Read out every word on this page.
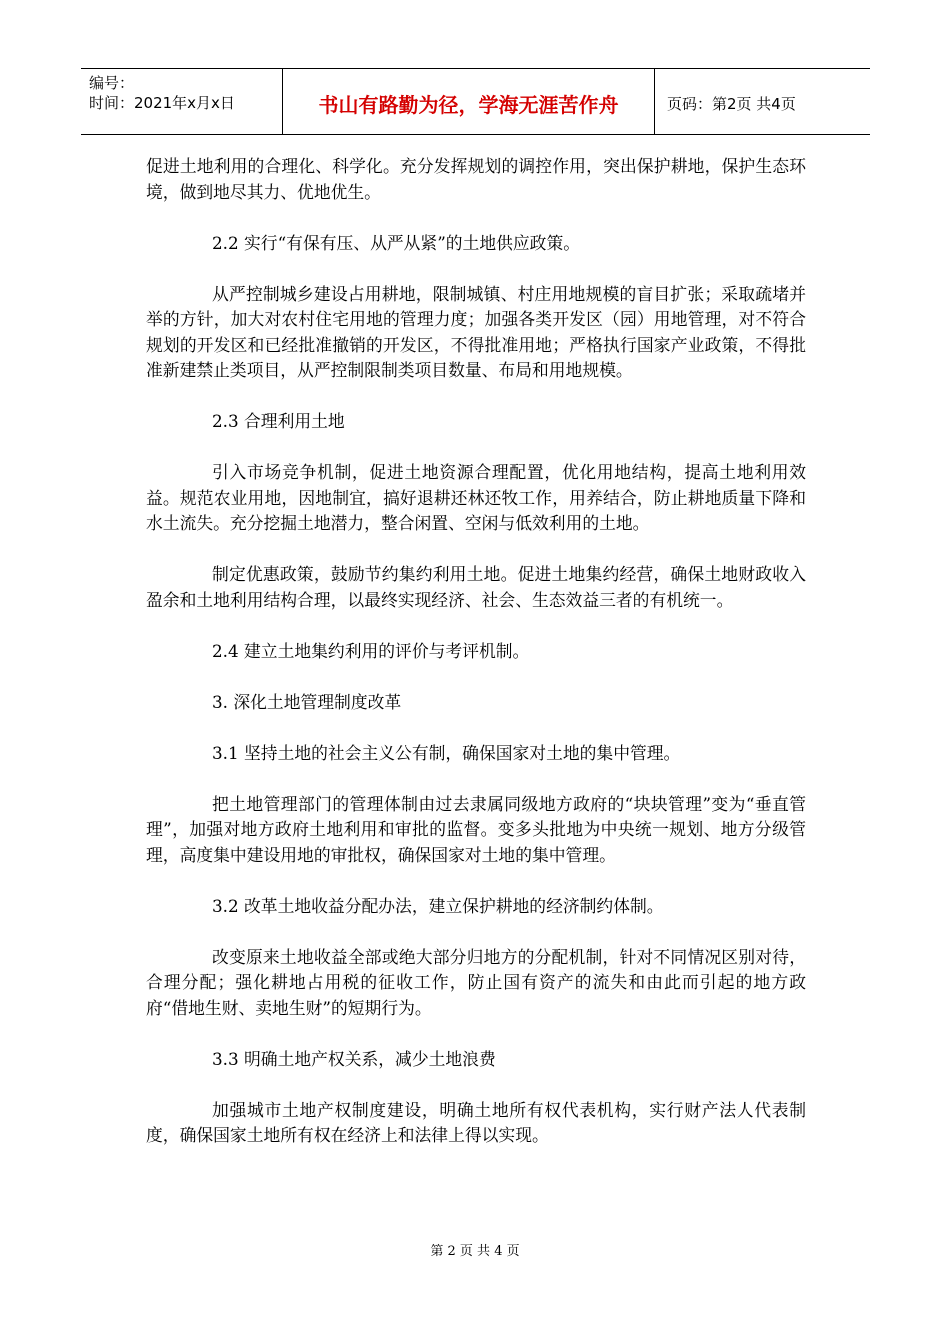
编号：
时间：2021年x月x日	书山有路勤为径，学海无涯苦作舟	页码：第2页 共4页

促进土地利用的合理化、科学化。充分发挥规划的调控作用，突出保护耕地，保护生态环境，做到地尽其力、优地优生。

2.2 实行“有保有压、从严从紧”的土地供应政策。

从严控制城乡建设占用耕地，限制城镇、村庄用地规模的盲目扩张；采取疏堵并举的方针，加大对农村住宅用地的管理力度；加强各类开发区（园）用地管理，对不符合规划的开发区和已经批准撤销的开发区，不得批准用地；严格执行国家产业政策，不得批准新建禁止类项目，从严控制限制类项目数量、布局和用地规模。

2.3 合理利用土地

引入市场竞争机制，促进土地资源合理配置，优化用地结构，提高土地利用效益。规范农业用地，因地制宜，搞好退耕还林还牧工作，用养结合，防止耕地质量下降和水土流失。充分挖掘土地潜力，整合闲置、空闲与低效利用的土地。

制定优惠政策，鼓励节约集约利用土地。促进土地集约经营，确保土地财政收入盈余和土地利用结构合理，以最终实现经济、社会、生态效益三者的有机统一。

2.4 建立土地集约利用的评价与考评机制。

3. 深化土地管理制度改革

3.1 坚持土地的社会主义公有制，确保国家对土地的集中管理。

把土地管理部门的管理体制由过去隶属同级地方政府的“块块管理”变为“垂直管理”，加强对地方政府土地利用和审批的监督。变多头批地为中央统一规划、地方分级管理，高度集中建设用地的审批权，确保国家对土地的集中管理。

3.2 改革土地收益分配办法，建立保护耕地的经济制约体制。

改变原来土地收益全部或绝大部分归地方的分配机制，针对不同情况区别对待，合理分配；强化耕地占用税的征收工作，防止国有资产的流失和由此而引起的地方政府“借地生财、卖地生财”的短期行为。

3.3 明确土地产权关系，减少土地浪费

加强城市土地产权制度建设，明确土地所有权代表机构，实行财产法人代表制度，确保国家土地所有权在经济上和法律上得以实现。

第 2 页 共 4 页
